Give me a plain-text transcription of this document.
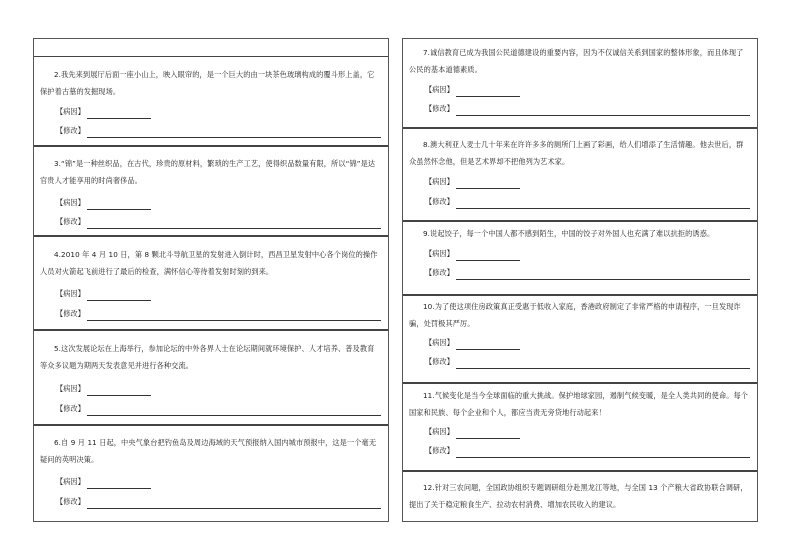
2.我先来到展厅后面一座小山上，映入眼帘的，是一个巨大的由一块茶色玻璃构成的覆斗形上盖，它保护着古墓的发掘现场。
【病因】
【修改】
3.“锦”是一种丝织品，在古代，珍贵的原材料，繁琐的生产工艺，使得织品数量有限，所以“锦”是达官贵人才能享用的时尚奢侈品。
【病因】
【修改】
4.2010 年 4 月 10 日，第 8 颗北斗导航卫星的发射进入倒计时，西昌卫星发射中心各个岗位的操作人员对火箭起飞前进行了最后的检查，满怀信心等待着发射时刻的到来。
【病因】
【修改】
5.这次发展论坛在上海举行，参加论坛的中外各界人士在论坛期间就环境保护、人才培养、普及教育等众多议题为期两天发表意见并进行各种交流。
【病因】
【修改】
6.自 9 月 11 日起，中央气象台把钓鱼岛及周边海域的天气预报纳入国内城市预报中，这是一个毫无疑问的英明决策。
【病因】
【修改】
7.诚信教育已成为我国公民道德建设的重要内容，因为不仅诚信关系到国家的整体形象，而且体现了公民的基本道德素质。
【病因】
【修改】
8.澳大利亚人麦士几十年来在许许多多的厕所门上画了彩画，给人们增添了生活情趣。他去世后，群众虽然怀念他，但是艺术界却不把他列为艺术家。
【病因】
【修改】
9.说起饺子，每一个中国人都不感到陌生，中国的饺子对外国人也充满了难以抗拒的诱惑。
【病因】
【修改】
10.为了使这项住房政策真正受惠于低收入家庭，香港政府制定了非常严格的申请程序，一旦发现诈骗，处罚极其严厉。
【病因】
【修改】
11.气候变化是当今全球面临的重大挑战。保护地球家园，遏制气候变暖，是全人类共同的使命。每个国家和民族、每个企业和个人，都应当责无旁贷地行动起来！
【病因】
【修改】
12.针对三农问题，全国政协组织专题调研组分赴黑龙江等地，与全国 13 个产粮大省政协联合调研，提出了关于稳定粮食生产、拉动农村消费、增加农民收入的建议。
